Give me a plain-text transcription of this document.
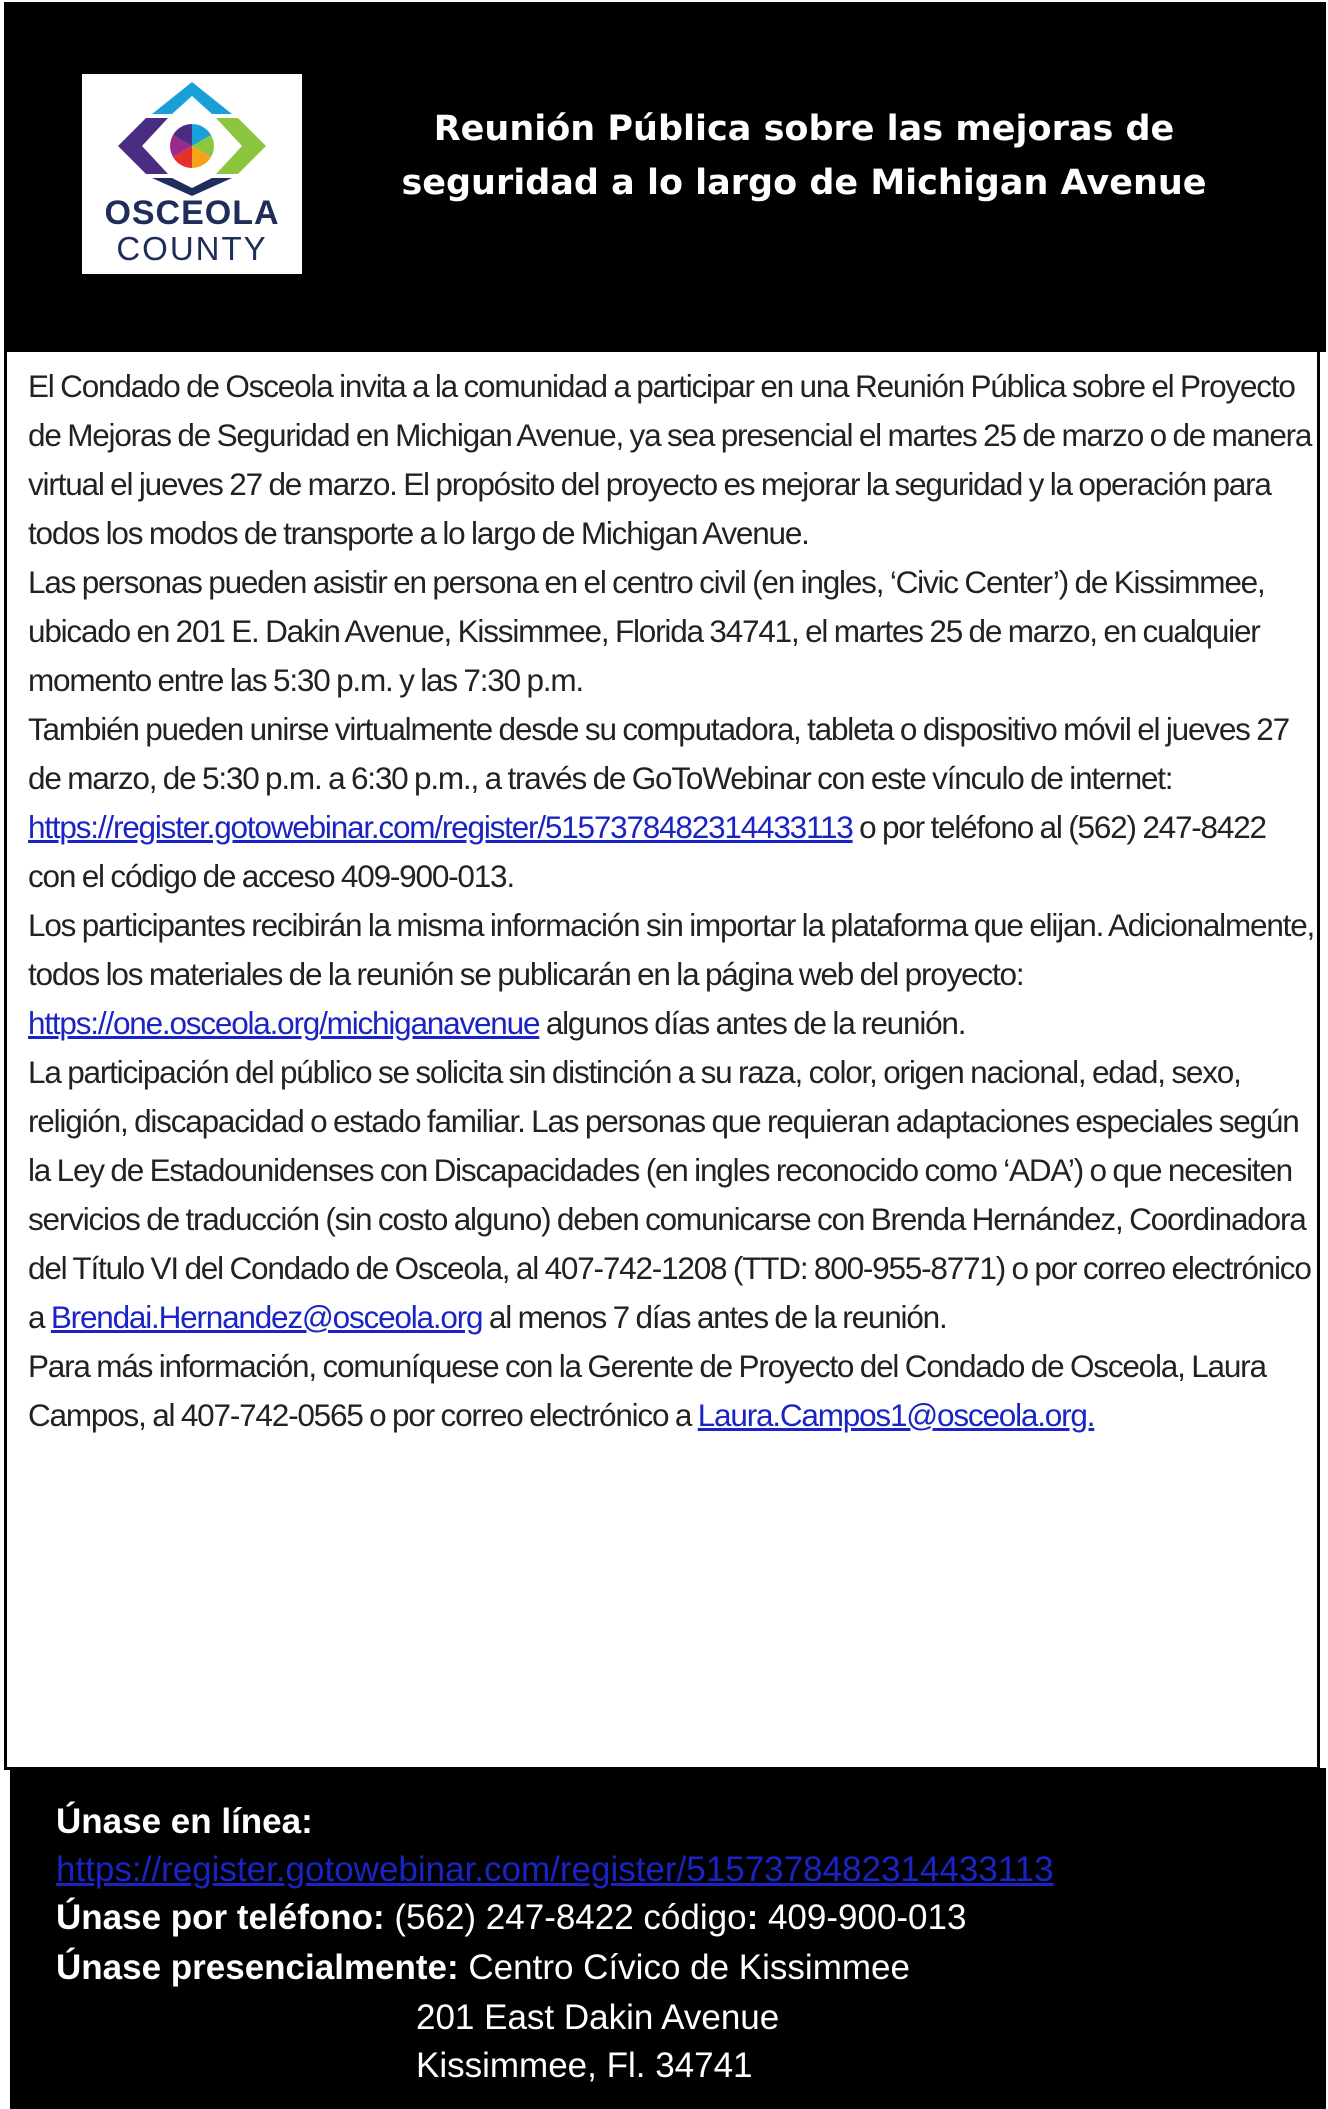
OSCEOLA
COUNTY
Reunión Pública sobre las mejoras de
seguridad a lo largo de Michigan Avenue

El Condado de Osceola invita a la comunidad a participar en una Reunión Pública sobre el Proyecto de Mejoras de Seguridad en Michigan Avenue, ya sea presencial el martes 25 de marzo o de manera virtual el jueves 27 de marzo. El propósito del proyecto es mejorar la seguridad y la operación para todos los modos de transporte a lo largo de Michigan Avenue.

Las personas pueden asistir en persona en el centro civil (en ingles, ‘Civic Center’) de Kissimmee, ubicado en 201 E. Dakin Avenue, Kissimmee, Florida 34741, el martes 25 de marzo, en cualquier momento entre las 5:30 p.m. y las 7:30 p.m.

También pueden unirse virtualmente desde su computadora, tableta o dispositivo móvil el jueves 27 de marzo, de 5:30 p.m. a 6:30 p.m., a través de GoToWebinar con este vínculo de internet: https://register.gotowebinar.com/register/5157378482314433113 o por teléfono al (562) 247-8422 con el código de acceso 409-900-013.

Los participantes recibirán la misma información sin importar la plataforma que elijan. Adicionalmente, todos los materiales de la reunión se publicarán en la página web del proyecto: https://one.osceola.org/michiganavenue algunos días antes de la reunión.

La participación del público se solicita sin distinción a su raza, color, origen nacional, edad, sexo, religión, discapacidad o estado familiar. Las personas que requieran adaptaciones especiales según la Ley de Estadounidenses con Discapacidades (en ingles reconocido como ‘ADA’) o que necesiten servicios de traducción (sin costo alguno) deben comunicarse con Brenda Hernández, Coordinadora del Título VI del Condado de Osceola, al 407-742-1208 (TTD: 800-955-8771) o por correo electrónico a Brendai.Hernandez@osceola.org al menos 7 días antes de la reunión.

Para más información, comuníquese con la Gerente de Proyecto del Condado de Osceola, Laura Campos, al 407-742-0565 o por correo electrónico a Laura.Campos1@osceola.org.

Únase en línea:
https://register.gotowebinar.com/register/5157378482314433113
Únase por teléfono: (562) 247-8422 código: 409-900-013
Únase presencialmente: Centro Cívico de Kissimmee
201 East Dakin Avenue
Kissimmee, Fl. 34741
